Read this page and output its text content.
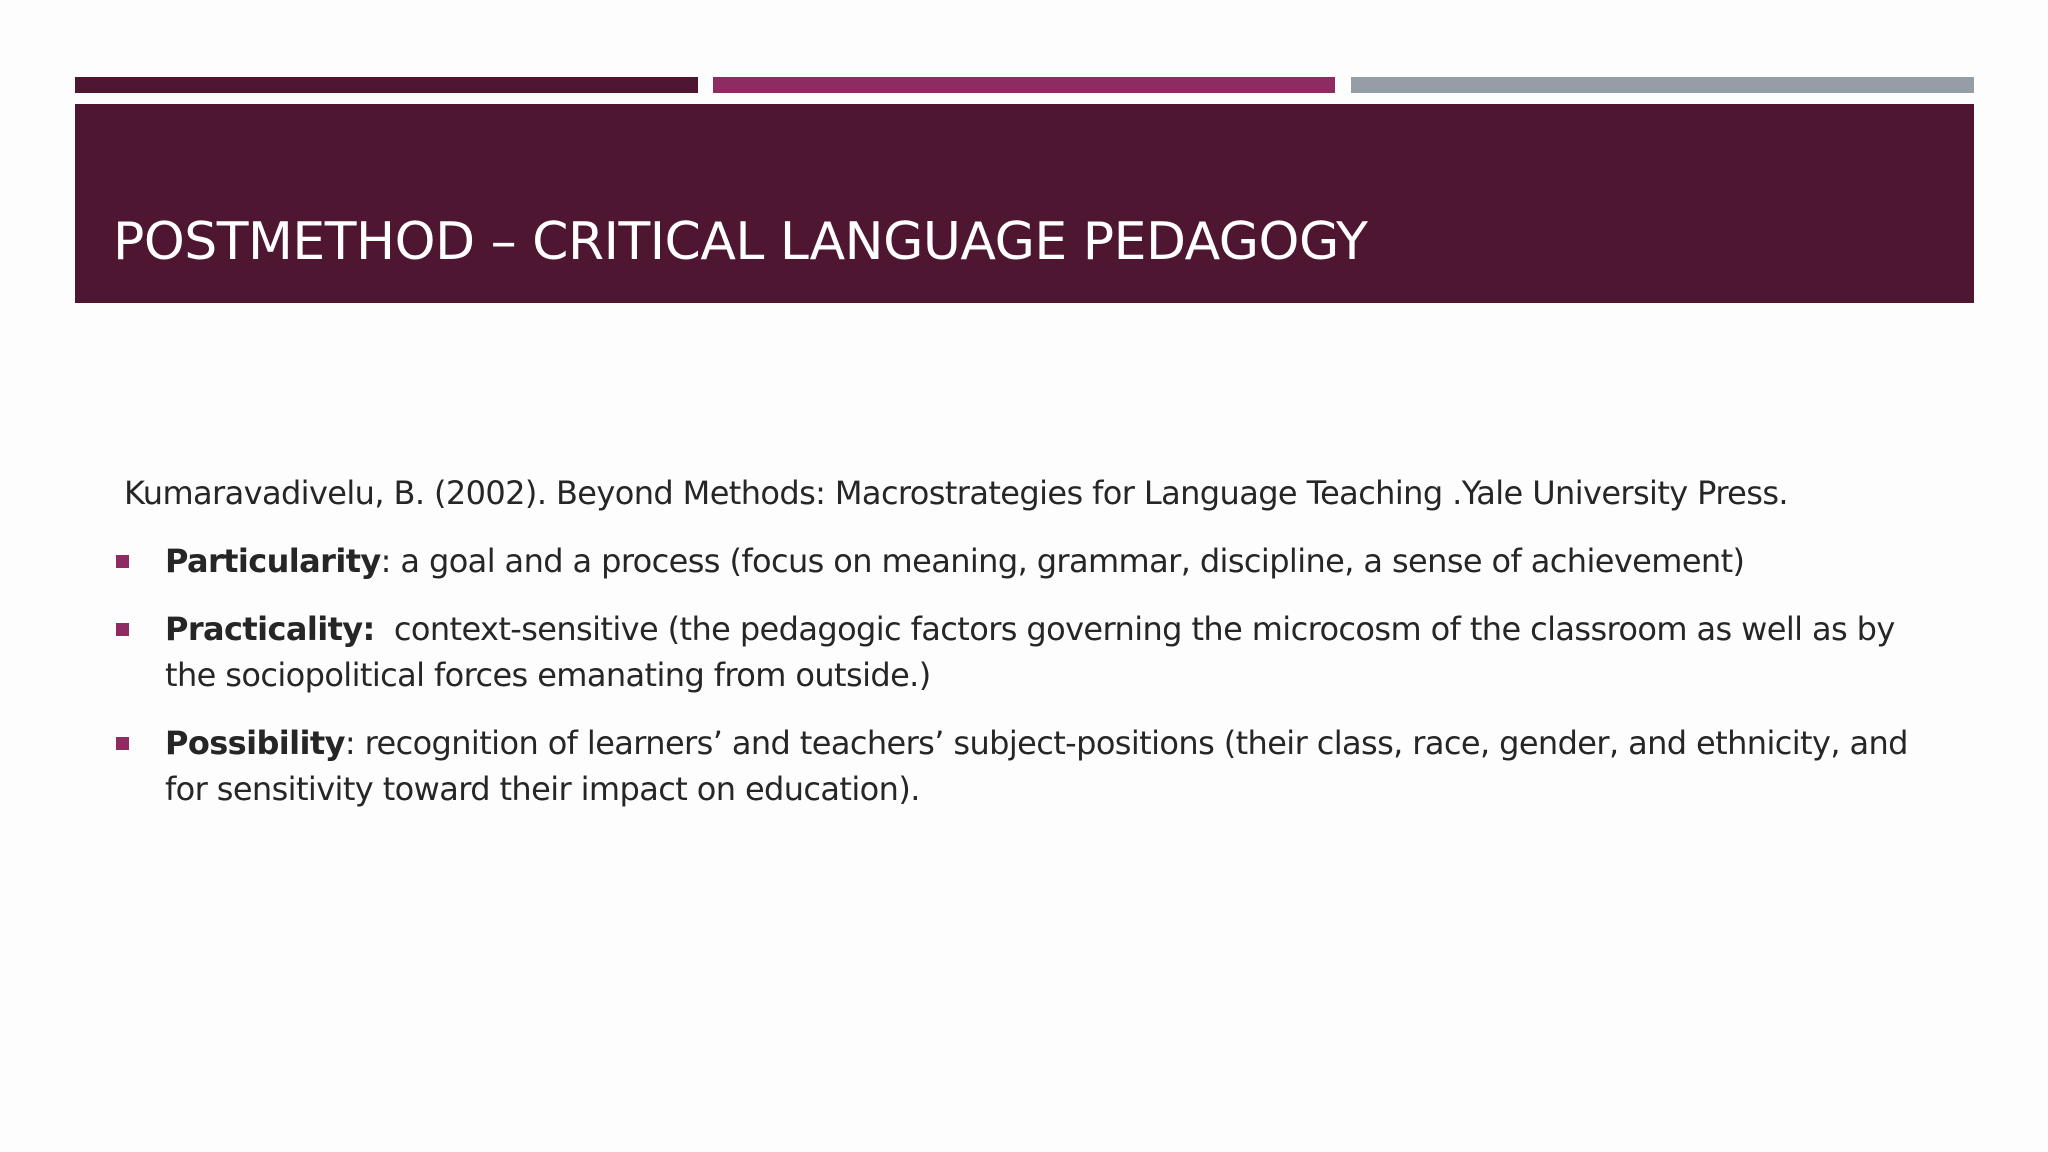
POSTMETHOD – CRITICAL LANGUAGE PEDAGOGY

Kumaravadivelu, B. (2002). Beyond Methods: Macrostrategies for Language Teaching .Yale University Press.

Particularity: a goal and a process (focus on meaning, grammar, discipline, a sense of achievement)
Practicality:  context-sensitive (the pedagogic factors governing the microcosm of the classroom as well as by the sociopolitical forces emanating from outside.)
Possibility: recognition of learners’ and teachers’ subject-positions (their class, race, gender, and ethnicity, and for sensitivity toward their impact on education).
